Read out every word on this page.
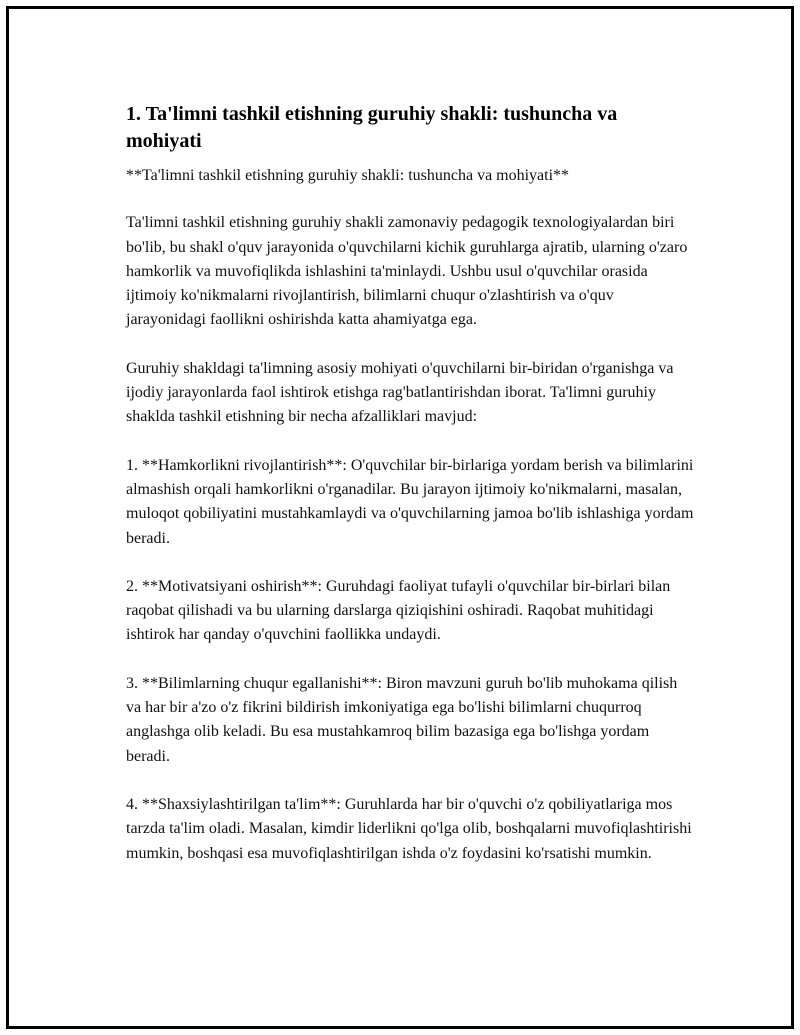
1. Ta'limni tashkil etishning guruhiy shakli: tushuncha va mohiyati

**Ta'limni tashkil etishning guruhiy shakli: tushuncha va mohiyati**

Ta'limni tashkil etishning guruhiy shakli zamonaviy pedagogik texnologiyalardan biri bo'lib, bu shakl o'quv jarayonida o'quvchilarni kichik guruhlarga ajratib, ularning o'zaro hamkorlik va muvofiqlikda ishlashini ta'minlaydi. Ushbu usul o'quvchilar orasida ijtimoiy ko'nikmalarni rivojlantirish, bilimlarni chuqur o'zlashtirish va o'quv jarayonidagi faollikni oshirishda katta ahamiyatga ega.

Guruhiy shakldagi ta'limning asosiy mohiyati o'quvchilarni bir-biridan o'rganishga va ijodiy jarayonlarda faol ishtirok etishga rag'batlantirishdan iborat. Ta'limni guruhiy shaklda tashkil etishning bir necha afzalliklari mavjud:

1. **Hamkorlikni rivojlantirish**: O'quvchilar bir-birlariga yordam berish va bilimlarini almashish orqali hamkorlikni o'rganadilar. Bu jarayon ijtimoiy ko'nikmalarni, masalan, muloqot qobiliyatini mustahkamlaydi va o'quvchilarning jamoa bo'lib ishlashiga yordam beradi.

2. **Motivatsiyani oshirish**: Guruhdagi faoliyat tufayli o'quvchilar bir-birlari bilan raqobat qilishadi va bu ularning darslarga qiziqishini oshiradi. Raqobat muhitidagi ishtirok har qanday o'quvchini faollikka undaydi.

3. **Bilimlarning chuqur egallanishi**: Biron mavzuni guruh bo'lib muhokama qilish va har bir a'zo o'z fikrini bildirish imkoniyatiga ega bo'lishi bilimlarni chuqurroq anglashga olib keladi. Bu esa mustahkamroq bilim bazasiga ega bo'lishga yordam beradi.

4. **Shaxsiylashtirilgan ta'lim**: Guruhlarda har bir o'quvchi o'z qobiliyatlariga mos tarzda ta'lim oladi. Masalan, kimdir liderlikni qo'lga olib, boshqalarni muvofiqlashtirishi mumkin, boshqasi esa muvofiqlashtirilgan ishda o'z foydasini ko'rsatishi mumkin.
